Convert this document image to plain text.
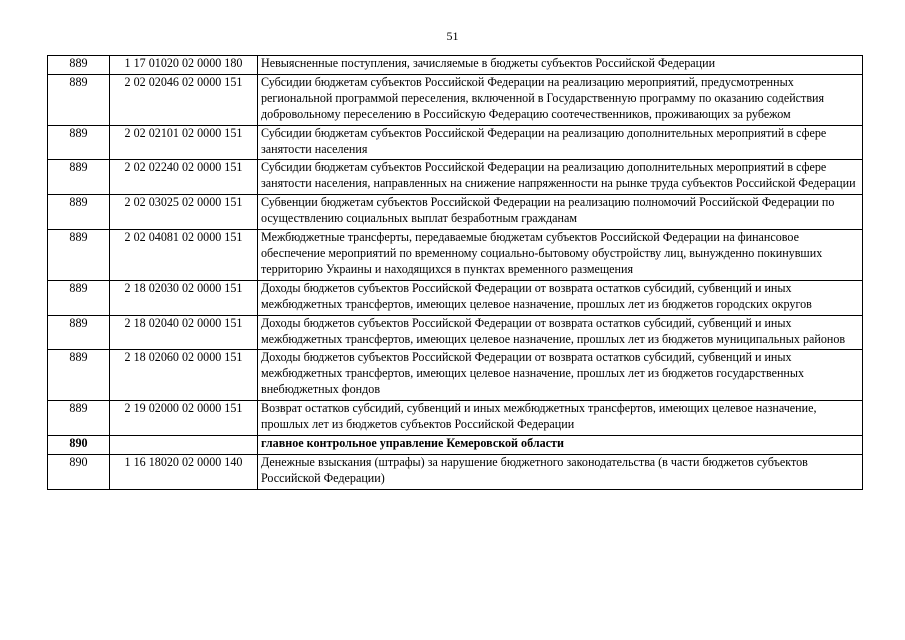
51
889	1 17 01020 02 0000 180	Невыясненные поступления, зачисляемые в бюджеты субъектов Российской Федерации
889	2 02 02046 02 0000 151	Субсидии бюджетам субъектов Российской Федерации на реализацию мероприятий, предусмотренных региональной программой переселения, включенной в Государственную программу по оказанию содействия добровольному переселению в Российскую Федерацию соотечественников, проживающих за рубежом
889	2 02 02101 02 0000 151	Субсидии бюджетам субъектов Российской Федерации на реализацию дополнительных мероприятий в сфере занятости населения
889	2 02 02240 02 0000 151	Субсидии бюджетам субъектов Российской Федерации на реализацию дополнительных мероприятий в сфере занятости населения, направленных на снижение напряженности на рынке труда субъектов Российской Федерации
889	2 02 03025 02 0000 151	Субвенции бюджетам субъектов Российской Федерации на реализацию полномочий Российской Федерации по осуществлению социальных выплат безработным гражданам
889	2 02 04081 02 0000 151	Межбюджетные трансферты, передаваемые бюджетам субъектов Российской Федерации на финансовое обеспечение мероприятий по временному социально-бытовому обустройству лиц, вынужденно покинувших территорию Украины и находящихся в пунктах временного размещения
889	2 18 02030 02 0000 151	Доходы бюджетов субъектов Российской Федерации от возврата остатков субсидий, субвенций и иных межбюджетных трансфертов, имеющих целевое назначение, прошлых лет из бюджетов городских округов
889	2 18 02040 02 0000 151	Доходы бюджетов субъектов Российской Федерации от возврата остатков субсидий, субвенций и иных межбюджетных трансфертов, имеющих целевое назначение, прошлых лет из бюджетов муниципальных районов
889	2 18 02060 02 0000 151	Доходы бюджетов субъектов Российской Федерации от возврата остатков субсидий, субвенций и иных межбюджетных трансфертов, имеющих целевое назначение, прошлых лет из бюджетов государственных внебюджетных фондов
889	2 19 02000 02 0000 151	Возврат остатков субсидий, субвенций и иных межбюджетных трансфертов, имеющих целевое назначение, прошлых лет из бюджетов субъектов Российской Федерации
890		главное контрольное управление Кемеровской области
890	1 16 18020 02 0000 140	Денежные взыскания (штрафы) за нарушение бюджетного законодательства (в части бюджетов субъектов Российской Федерации)
